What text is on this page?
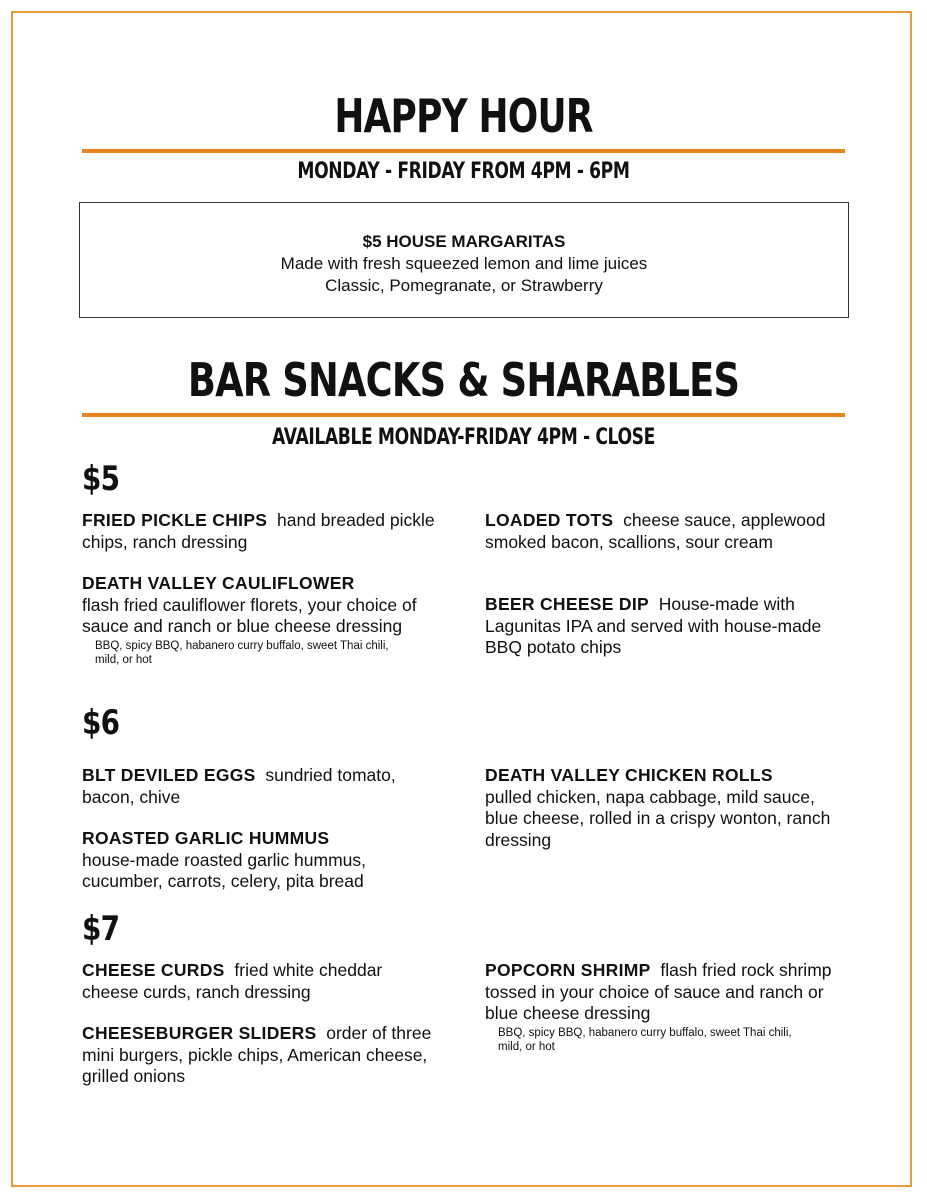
HAPPY HOUR
MONDAY - FRIDAY FROM 4PM - 6PM
$5 HOUSE MARGARITAS
Made with fresh squeezed lemon and lime juices
Classic, Pomegranate, or Strawberry
BAR SNACKS & SHARABLES
AVAILABLE MONDAY-FRIDAY 4PM - CLOSE
$5
FRIED PICKLE CHIPS hand breaded pickle chips, ranch dressing
DEATH VALLEY CAULIFLOWER
flash fried cauliflower florets, your choice of sauce and ranch or blue cheese dressing
BBQ, spicy BBQ, habanero curry buffalo, sweet Thai chili, mild, or hot
LOADED TOTS cheese sauce, applewood smoked bacon, scallions, sour cream
BEER CHEESE DIP House-made with Lagunitas IPA and served with house-made BBQ potato chips
$6
BLT DEVILED EGGS sundried tomato, bacon, chive
ROASTED GARLIC HUMMUS
house-made roasted garlic hummus, cucumber, carrots, celery, pita bread
DEATH VALLEY CHICKEN ROLLS
pulled chicken, napa cabbage, mild sauce, blue cheese, rolled in a crispy wonton, ranch dressing
$7
CHEESE CURDS fried white cheddar cheese curds, ranch dressing
CHEESEBURGER SLIDERS order of three mini burgers, pickle chips, American cheese, grilled onions
POPCORN SHRIMP flash fried rock shrimp tossed in your choice of sauce and ranch or blue cheese dressing
BBQ, spicy BBQ, habanero curry buffalo, sweet Thai chili, mild, or hot
